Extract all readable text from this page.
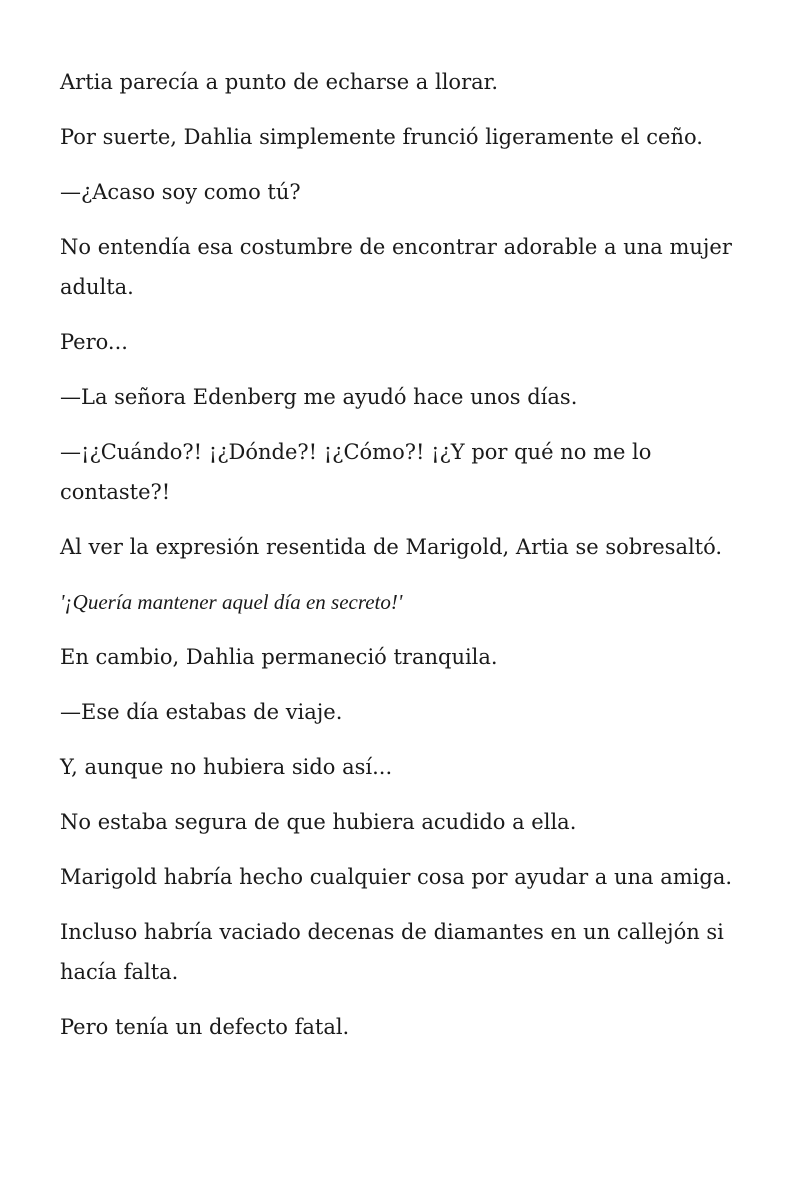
Artia parecía a punto de echarse a llorar.

Por suerte, Dahlia simplemente frunció ligeramente el ceño.

—¿Acaso soy como tú?

No entendía esa costumbre de encontrar adorable a una mujer adulta.

Pero...

—La señora Edenberg me ayudó hace unos días.

—¡¿Cuándo?! ¡¿Dónde?! ¡¿Cómo?! ¡¿Y por qué no me lo contaste?!

Al ver la expresión resentida de Marigold, Artia se sobresaltó.

'¡Quería mantener aquel día en secreto!'

En cambio, Dahlia permaneció tranquila.

—Ese día estabas de viaje.

Y, aunque no hubiera sido así...

No estaba segura de que hubiera acudido a ella.

Marigold habría hecho cualquier cosa por ayudar a una amiga.

Incluso habría vaciado decenas de diamantes en un callejón si hacía falta.

Pero tenía un defecto fatal.
